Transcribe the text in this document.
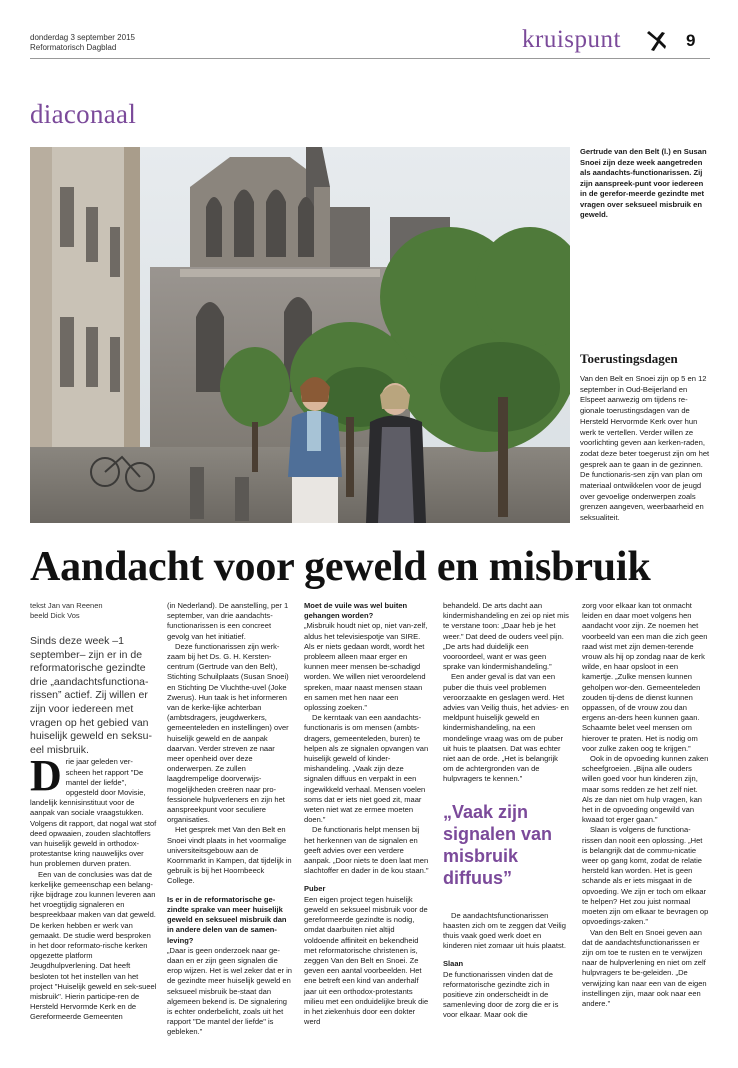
donderdag 3 september 2015
Reformatorisch Dagblad	kruispunt	9
diaconaal
Gertrude van den Belt (l.) en Susan Snoei zijn deze week aangetreden als aandachts-functionarissen. Zij zijn aanspreek-punt voor iedereen in de gerefor-meerde gezindte met vragen over seksueel misbruik en geweld.
Toerustingsdagen
Van den Belt en Snoei zijn op 5 en 12 september in Oud-Beijerland en Elspeet aanwezig om tijdens re-gionale toerustingsdagen van de Hersteld Hervormde Kerk over hun werk te vertellen. Verder willen ze voorlichting geven aan kerken-raden, zodat deze beter toegerust zijn om het gesprek aan te gaan in de gezinnen. De functionaris-sen zijn van plan om materiaal ontwikkelen voor de jeugd over gevoelige onderwerpen zoals grenzen aangeven, weerbaarheid en seksualiteit.
Aandacht voor geweld en misbruik
tekst Jan van Reenen
beeld Dick Vos

Sinds deze week –1 september– zijn er in de reformatorische gezindte drie „aandachtsfunctiona-rissen” actief. Zij willen er zijn voor iedereen met vragen op het gebied van huiselijk geweld en seksu-eel misbruik.

Drie jaar geleden ver-scheen het rapport "De mantel der liefde", opgesteld door Movisie, landelijk kennisinstituut voor de aanpak van sociale vraagstukken. Volgens dit rapport, dat nogal wat stof deed opwaaien, zouden slachtoffers van huiselijk geweld in orthodox-protestantse kring nauwelijks over hun problemen durven praten.

Een van de conclusies was dat de kerkelijke gemeenschap een belang-rijke bijdrage zou kunnen leveren aan het vroegtijdig signaleren en bespreekbaar maken van dat geweld. De kerken hebben er werk van gemaakt. De studie werd besproken in het door reformato-rische kerken opgezette platform Jeugdhulpverlening. Dat heeft besloten tot het instellen van het project "Huiselijk geweld en sek-sueel misbruik". Hierin participe-ren de Hersteld Hervormde Kerk en de Gereformeerde Gemeenten

(in Nederland). De aanstelling, per 1 september, van drie aandachts-functionarissen is een concreet gevolg van het initiatief.

Deze functionarissen zijn werk-zaam bij het Ds. G. H. Kersten-centrum (Gertrude van den Belt), Stichting Schuilplaats (Susan Snoei) en Stichting De Vluchthe-uvel (Joke Zwerus). Hun taak is het informeren van de kerke-lijke achterban (ambtsdragers, jeugdwerkers, gemeenteleden en instellingen) over huiselijk geweld en de aanpak daarvan. Verder streven ze naar meer openheid over deze onderwerpen. Ze zullen laagdrempelige doorverwijs-mogelijkheden creëren naar pro-fessionele hulpverleners en zijn het aanspreekpunt voor seculiere organisaties.

Het gesprek met Van den Belt en Snoei vindt plaats in het voormalige universiteitsgebouw aan de Koornmarkt in Kampen, dat tijdelijk in gebruik is bij het Hoornbeeck College.

Is er in de reformatorische ge-zindte sprake van meer huiselijk geweld en seksueel misbruik dan in andere delen van de samen-leving?

„Daar is geen onderzoek naar ge-daan en er zijn geen signalen die erop wijzen. Het is wel zeker dat er in de gezindte meer huiselijk geweld en seksueel misbruik be-staat dan algemeen bekend is. De signalering is echter onderbelicht, zoals uit het rapport "De mantel der liefde" is gebleken.”

Moet de vuile was wel buiten gehangen worden?

„Misbruik houdt niet op, niet van-zelf, aldus het televisiespotje van SIRE. Als er niets gedaan wordt, wordt het probleem alleen maar erger en kunnen meer mensen be-schadigd worden. We willen niet veroordelend spreken, maar naast mensen staan en samen met hen naar een oplossing zoeken.”

De kerntaak van een aandachts-functionaris is om mensen (ambts-dragers, gemeenteleden, buren) te helpen als ze signalen opvangen van huiselijk geweld of kinder-mishandeling. „Vaak zijn deze signalen diffuus en verpakt in een ingewikkeld verhaal. Mensen voelen soms dat er iets niet goed zit, maar weten niet wat ze ermee moeten doen.”

De functionaris helpt mensen bij het herkennen van de signalen en geeft advies over een verdere aanpak. „Door niets te doen laat men slachtoffer en dader in de kou staan.”

Puber

Een eigen project tegen huiselijk geweld en seksueel misbruik voor de gereformeerde gezindte is nodig, omdat daarbuiten niet altijd voldoende affiniteit en bekendheid met reformatorische christenen is, zeggen Van den Belt en Snoei. Ze geven een aantal voorbeelden. Het ene betreft een kind van anderhalf jaar uit een orthodox-protestants milieu met een onduidelijke breuk die in het ziekenhuis door een dokter werd

behandeld. De arts dacht aan kindermishandeling en zei op niet mis te verstane toon: „Daar heb je het weer.” Dat deed de ouders veel pijn. „De arts had duidelijk een vooroordeel, want er was geen sprake van kindermishandeling.”

Een ander geval is dat van een puber die thuis veel problemen veroorzaakte en geslagen werd. Het advies van Veilig thuis, het advies- en meldpunt huiselijk geweld en kindermishandeling, na een mondelinge vraag was om de puber uit huis te plaatsen. Dat was echter niet aan de orde. „Het is belangrijk om de achtergronden van de hulpvragers te kennen.”

„Vaak zijn signalen van misbruik diffuus”

De aandachtsfunctionarissen haasten zich om te zeggen dat Veilig thuis vaak goed werk doet en kinderen niet zomaar uit huis plaatst.

Slaan

De functionarissen vinden dat de reformatorische gezindte zich in positieve zin onderscheidt in de samenleving door de zorg die er is voor elkaar. Maar ook die

zorg voor elkaar kan tot onmacht leiden en daar moet volgens hen aandacht voor zijn. Ze noemen het voorbeeld van een man die zich geen raad wist met zijn demen-terende vrouw als hij op zondag naar de kerk wilde, en haar opsloot in een kamertje. „Zulke mensen kunnen geholpen wor-den. Gemeenteleden zouden tij-dens de dienst kunnen oppassen, of de vrouw zou dan ergens an-ders heen kunnen gaan. Schaamte belet veel mensen om hierover te praten. Het is nodig om voor zulke zaken oog te krijgen.”

Ook in de opvoeding kunnen zaken scheefgroeien. „Bijna alle ouders willen goed voor hun kinderen zijn, maar soms redden ze het zelf niet. Als ze dan niet om hulp vragen, kan het in de opvoeding ongewild van kwaad tot erger gaan.”

Slaan is volgens de functiona-rissen dan nooit een oplossing. „Het is belangrijk dat de commu-nicatie weer op gang komt, zodat de relatie hersteld kan worden. Het is geen schande als er iets misgaat in de opvoeding. We zijn er toch om elkaar te helpen? Het zou juist normaal moeten zijn om elkaar te bevragen op opvoedings-zaken.”

Van den Belt en Snoei geven aan dat de aandachtsfunctionarissen er zijn om toe te rusten en te verwijzen naar de hulpverlening en niet om zelf hulpvragers te be-geleiden. „De verwijzing kan naar een van de eigen instellingen zijn, maar ook naar een andere.”
